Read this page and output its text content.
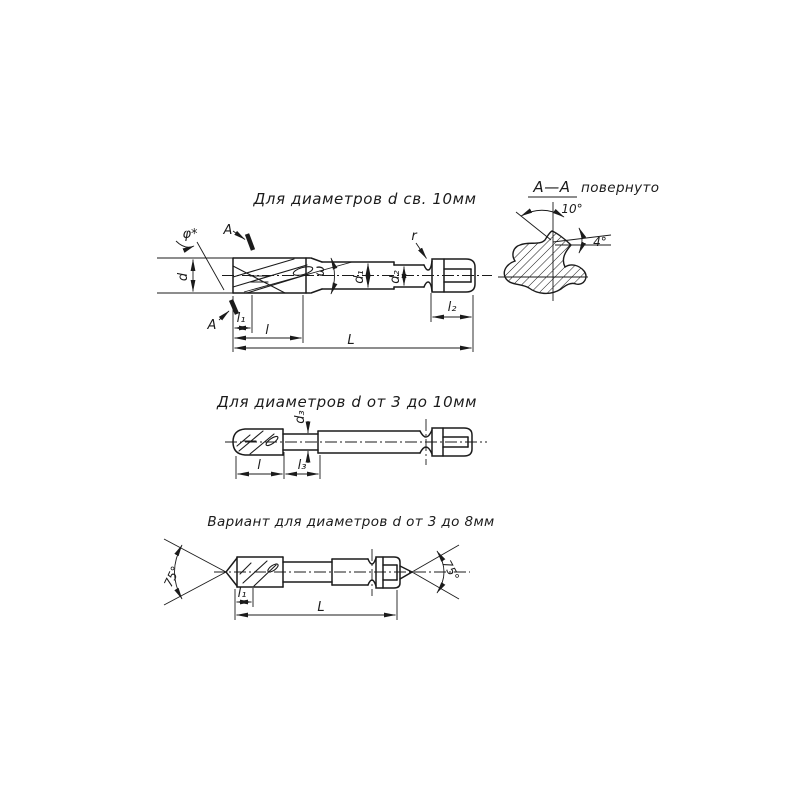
Для диаметров d св. 10мм
A
A
φ*
d
ω d₁ d₂
r
l₁
l
l₂
L
А—А повернуто
10°
4°
Для диаметров d от 3 до 10мм
d₃
l	l₃
Вариант для диаметров d от 3 до 8мм
75°	75°
l₁
L
